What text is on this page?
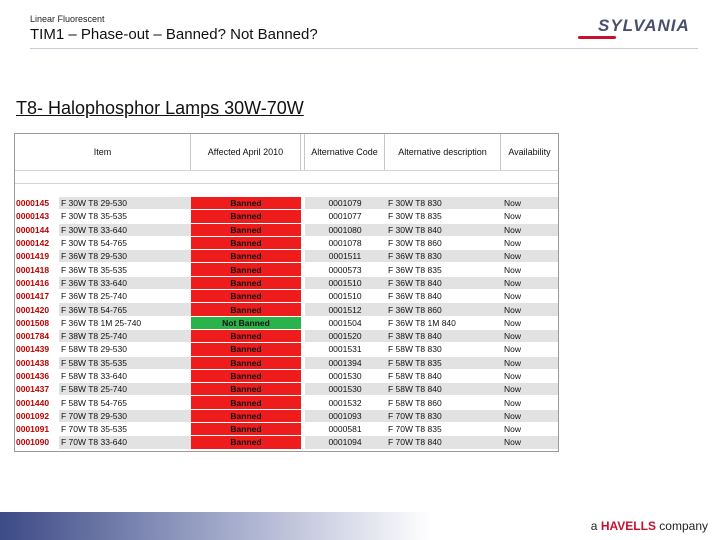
Linear Fluorescent
TIM1 – Phase-out – Banned? Not Banned?	SYLVANIA
T8- Halophosphor Lamps 30W-70W
Item	Affected April 2010	Alternative Code	Alternative description	Availability
0000145	F 30W T8 29-530	Banned	0001079	F 30W T8 830	Now
0000143	F 30W T8 35-535	Banned	0001077	F 30W T8 835	Now
0000144	F 30W T8 33-640	Banned	0001080	F 30W T8 840	Now
0000142	F 30W T8 54-765	Banned	0001078	F 30W T8 860	Now
0001419	F 36W T8 29-530	Banned	0001511	F 36W T8 830	Now
0001418	F 36W T8 35-535	Banned	0000573	F 36W T8 835	Now
0001416	F 36W T8 33-640	Banned	0001510	F 36W T8 840	Now
0001417	F 36W T8 25-740	Banned	0001510	F 36W T8 840	Now
0001420	F 36W T8 54-765	Banned	0001512	F 36W T8 860	Now
0001508	F 36W T8 1M 25-740	Not Banned	0001504	F 36W T8 1M 840	Now
0001784	F 38W T8 25-740	Banned	0001520	F 38W T8 840	Now
0001439	F 58W T8 29-530	Banned	0001531	F 58W T8 830	Now
0001438	F 58W T8 35-535	Banned	0001394	F 58W T8 835	Now
0001436	F 58W T8 33-640	Banned	0001530	F 58W T8 840	Now
0001437	F 58W T8 25-740	Banned	0001530	F 58W T8 840	Now
0001440	F 58W T8 54-765	Banned	0001532	F 58W T8 860	Now
0001092	F 70W T8 29-530	Banned	0001093	F 70W T8 830	Now
0001091	F 70W T8 35-535	Banned	0000581	F 70W T8 835	Now
0001090	F 70W T8 33-640	Banned	0001094	F 70W T8 840	Now
a HAVELLS company
